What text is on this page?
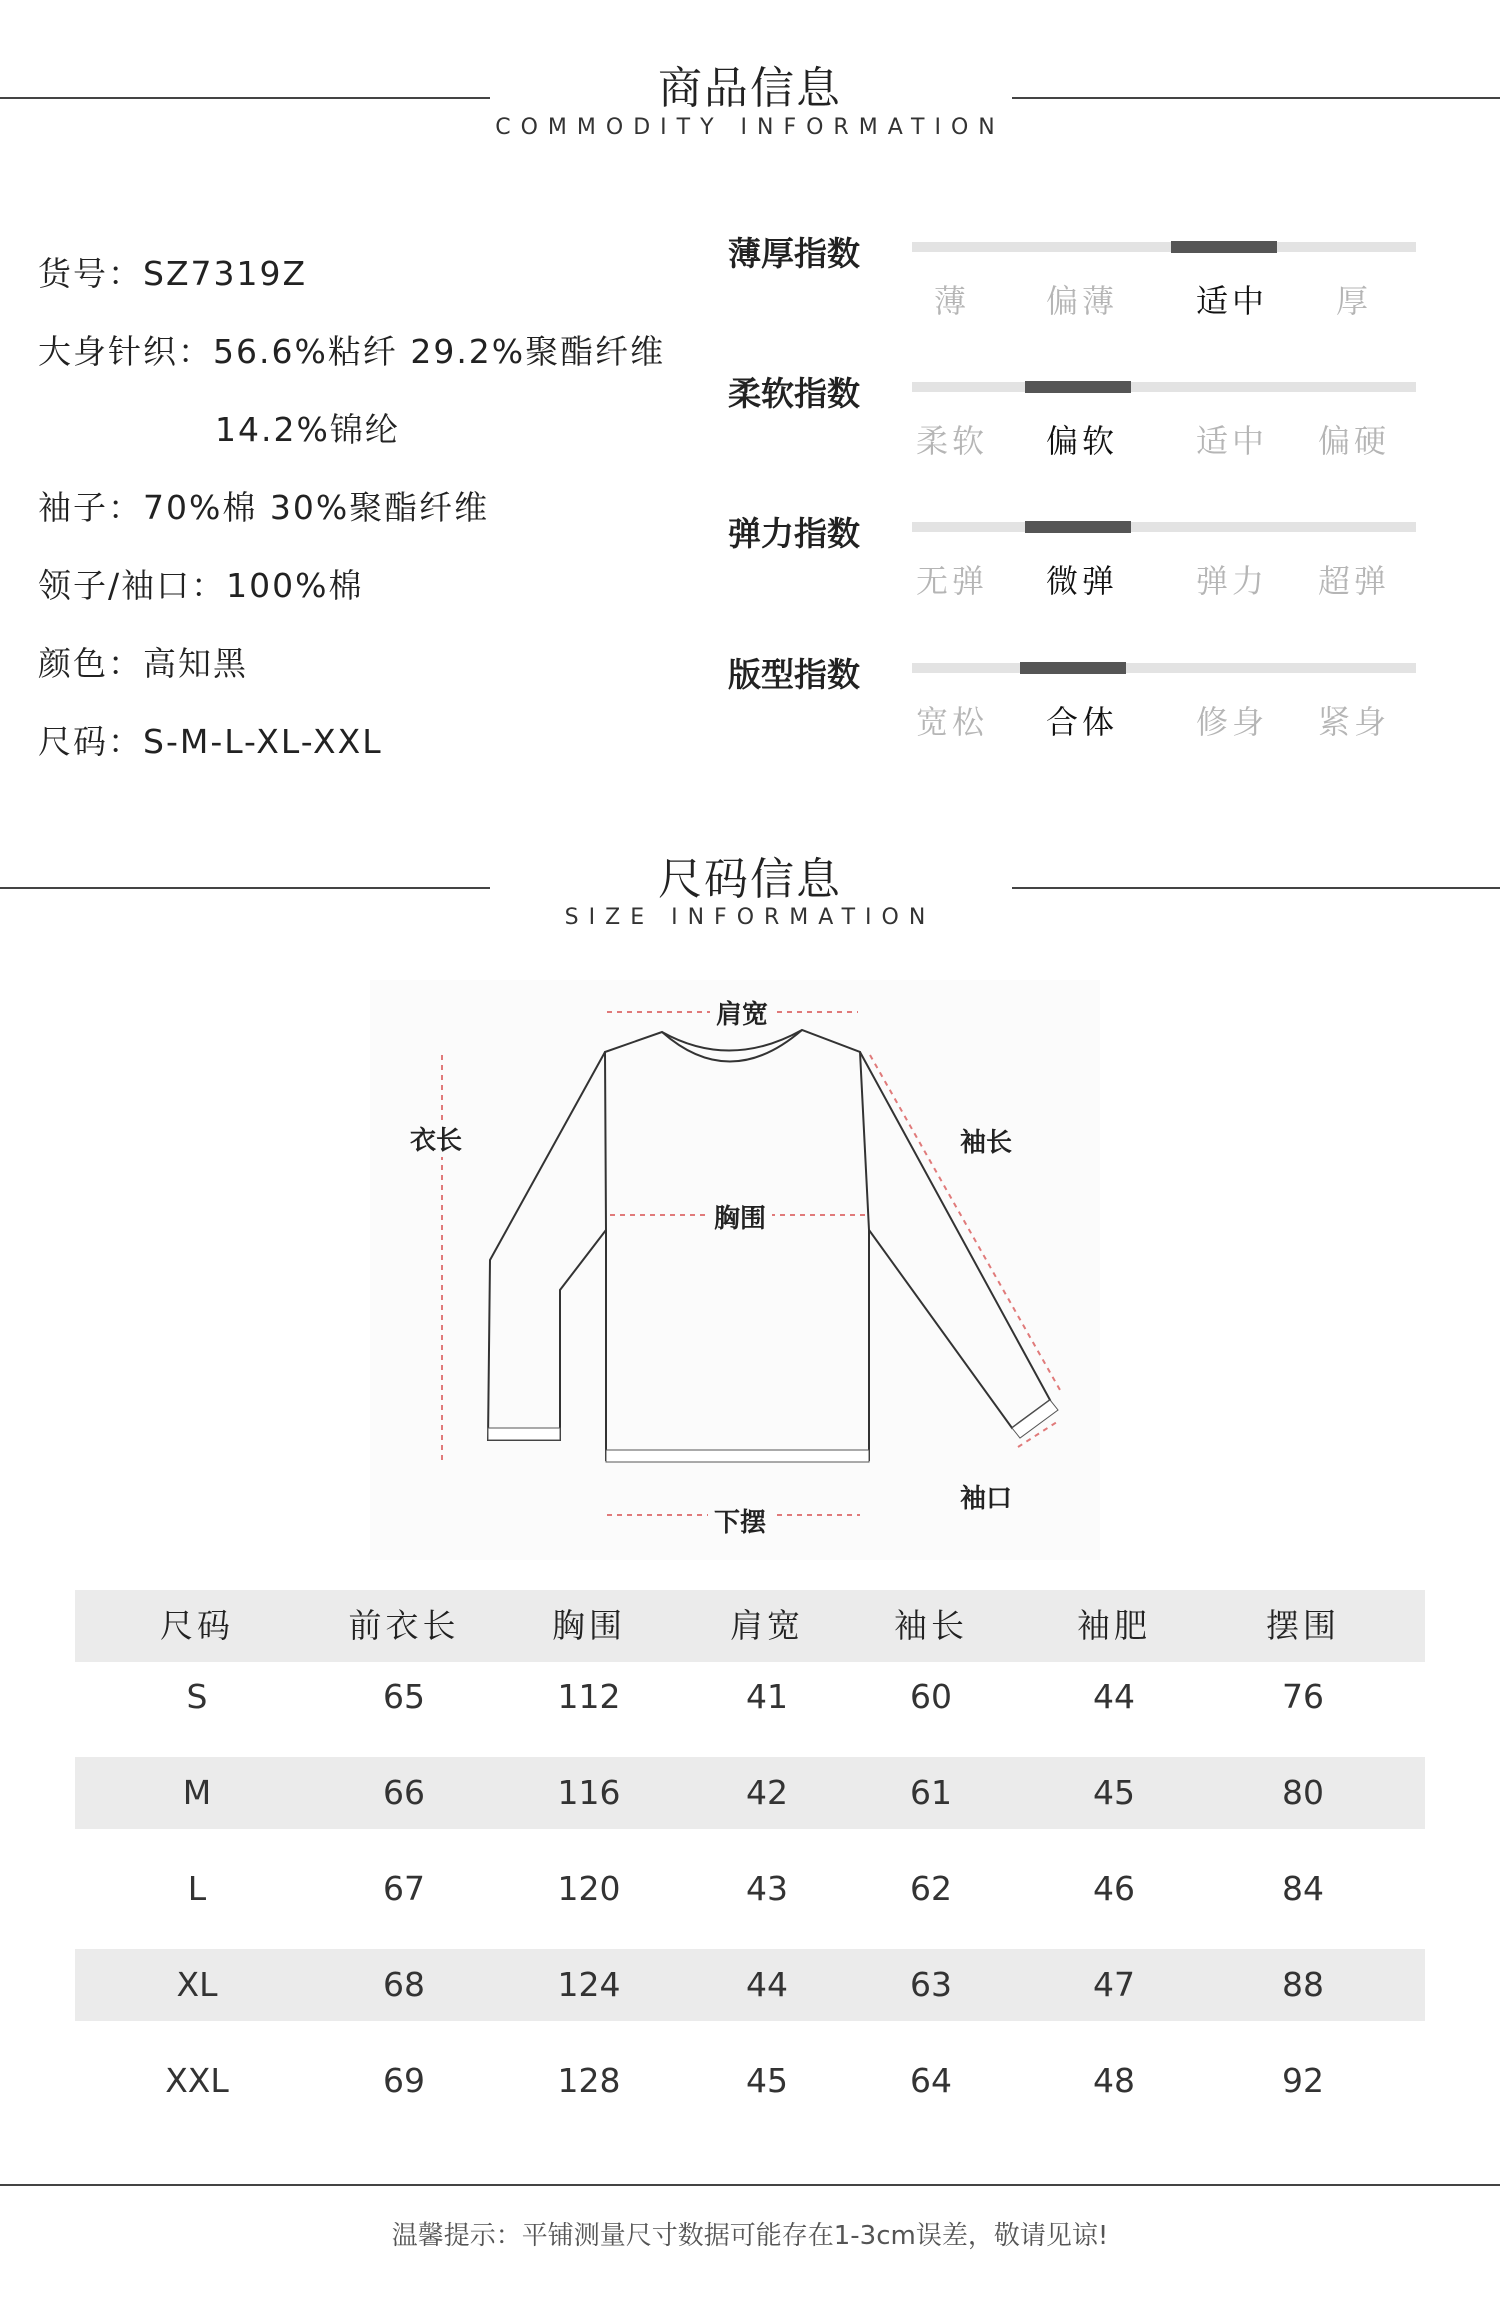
商品信息
COMMODITY INFORMATION
货号：SZ7319Z
大身针织：56.6%粘纤 29.2%聚酯纤维
14.2%锦纶
袖子：70%棉 30%聚酯纤维
领子/袖口：100%棉
颜色：高知黑
尺码：S-M-L-XL-XXL
薄厚指数
薄 偏薄 适中 厚
柔软指数
柔软 偏软 适中 偏硬
弹力指数
无弹 微弹 弹力 超弹
版型指数
宽松 合体 修身 紧身
尺码信息
SIZE INFORMATION
肩宽
衣长	袖长
胸围
下摆
袖口
尺码	前衣长	胸围	肩宽	袖长	袖肥	摆围
S	65	112	41	60	44	76
M	66	116	42	61	45	80
L	67	120	43	62	46	84
XL	68	124	44	63	47	88
XXL	69	128	45	64	48	92
温馨提示：平铺测量尺寸数据可能存在1-3cm误差，敬请见谅!
